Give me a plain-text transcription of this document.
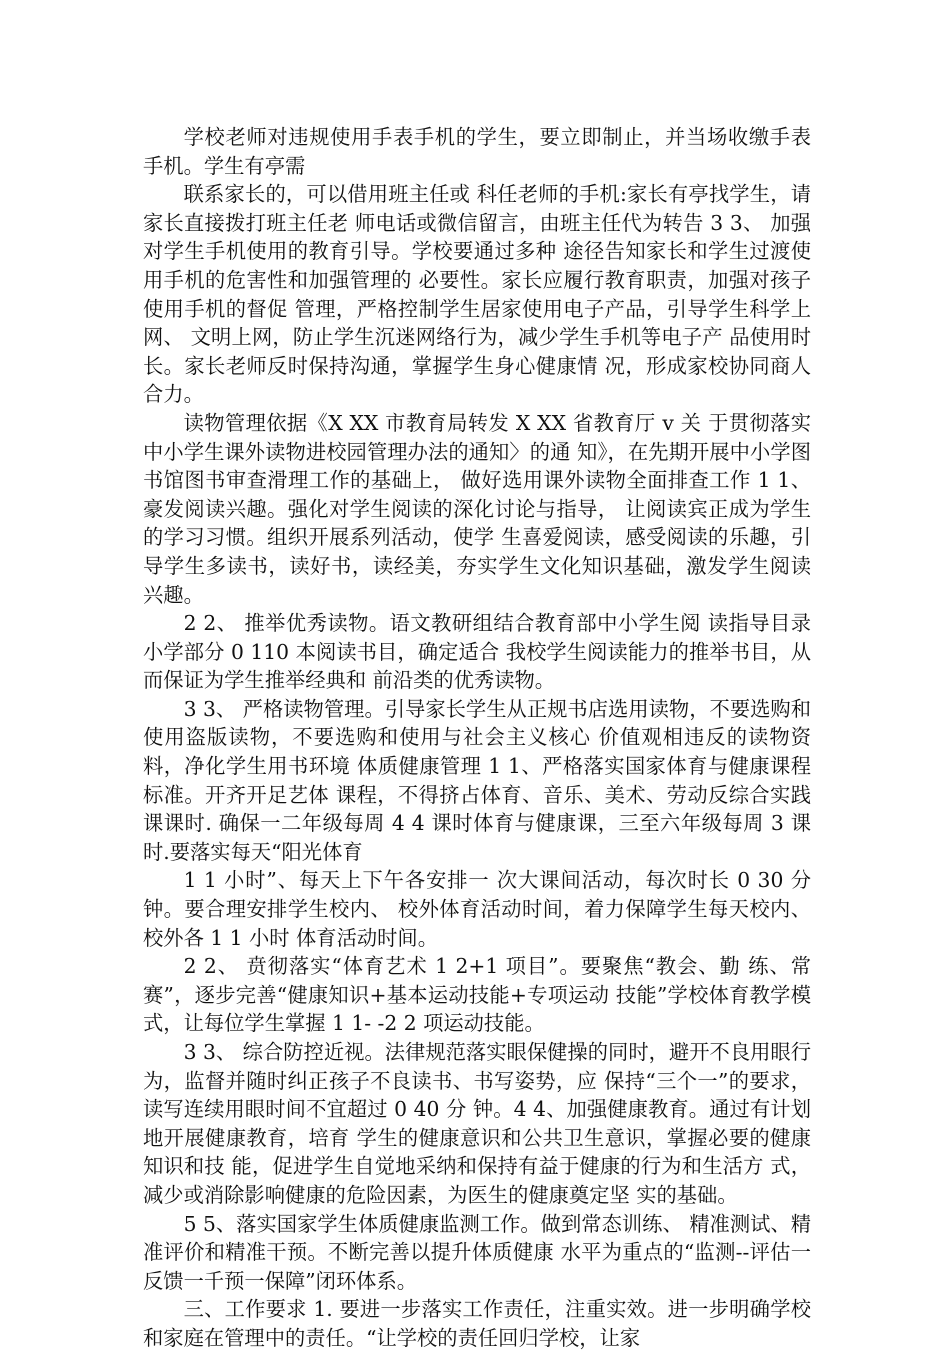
学校老师对违规使用手表手机的学生，要立即制止，并当场收缴手表手机。学生有亭需

联系家长的，可以借用班主任或 科任老师的手机:家长有亭找学生，请家长直接拨打班主任老 师电话或微信留言，由班主任代为转告 3 3、 加强对学生手机使用的教育引导。学校要通过多种 途径告知家长和学生过渡使用手机的危害性和加强管理的 必要性。家长应履行教育职责，加强对孩子使用手机的督促 管理，严格控制学生居家使用电子产品，引导学生科学上网、 文明上网，防止学生沉迷网络行为，减少学生手机等电子产 品使用时长。家长老师反时保持沟通，掌握学生身心健康情 况，形成家校协同商人合力。

读物管理依据《X XX 市教育局转发 X XX 省教育厅 v 关 于贯彻落实中小学生课外读物进校园管理办法的通知〉的通 知》，在先期开展中小学图书馆图书审查滑理工作的基础上， 做好选用课外读物全面排查工作 1 1、 豪发阅读兴趣。强化对学生阅读的深化讨论与指导， 让阅读宾正成为学生的学习习惯。组织开展系列活动，使学 生喜爱阅读，感受阅读的乐趣，引导学生多读书，读好书，读经美，夯实学生文化知识基础，激发学生阅读兴趣。

2 2、 推举优秀读物。语文教研组结合教育部中小学生阅 读指导目录 小学部分 0 110 本阅读书目，确定适合 我校学生阅读能力的推举书目，从而保证为学生推举经典和 前沿类的优秀读物。

3 3、 严格读物管理。引导家长学生从正规书店选用读物，不要选购和使用盗版读物，不要选购和使用与社会主义核心 价值观相违反的读物资料，净化学生用书环境 体质健康管理 1 1、严格落实国家体育与健康课程标准。开齐开足艺体 课程，不得挤占体育、音乐、美术、劳动反综合实践课课时. 确保一二年级每周 4 4 课时体育与健康课，三至六年级每周 3 课时.要落实每天“阳光体育

1 1 小时”、每天上下午各安排一 次大课间活动，每次时长 0 30 分钟。要合理安排学生校内、 校外体育活动时间，着力保障学生每天校内、校外各 1 1 小时 体育活动时间。

2 2、 贲彻落实“体育艺术 1 2+1 项目”。要聚焦“教会、勤 练、常赛”，逐步完善“健康知识+基本运动技能+专项运动 技能”学校体育教学模式，让每位学生掌握 1 1- -2 2 项运动技能。

3 3、 综合防控近视。法律规范落实眼保健操的同时，避开不良用眼行为，监督并随时纠正孩子不良读书、书写姿势，应 保持“三个一”的要求，读写连续用眼时间不宜超过 0 40 分 钟。4 4、加强健康教育。通过有计划地开展健康教育，培育 学生的健康意识和公共卫生意识，掌握必要的健康知识和技 能，促进学生自觉地采纳和保持有益于健康的行为和生活方 式，减少或消除影响健康的危险因素，为医生的健康奠定坚 实的基础。

5 5、落实国家学生体质健康监测工作。做到常态训练、 精准测试、精准评价和精准干预。不断完善以提升体质健康 水平为重点的“监测--评估一反馈一千预一保障”闭环体系。

三、工作要求 1. 要进一步落实工作责任，注重实效。进一步明确学校 和家庭在管理中的责任。“让学校的责任回归学校，让家
